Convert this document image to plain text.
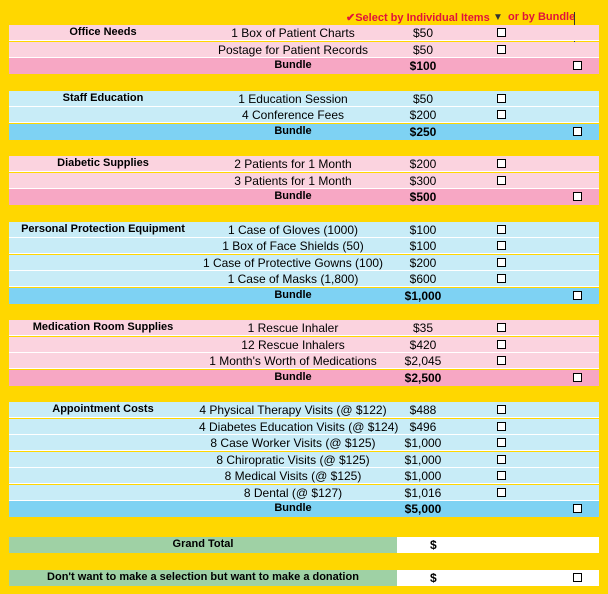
✔Select by Individual Items ▼ or by Bundle
Office Needs	1 Box of Patient Charts	$50
Postage for Patient Records	$50
Bundle	$100
Staff Education	1 Education Session	$50
4 Conference Fees	$200
Bundle	$250
Diabetic Supplies	2 Patients for 1 Month	$200
3 Patients for 1 Month	$300
Bundle	$500
Personal Protection Equipment	1 Case of Gloves (1000)	$100
1 Box of Face Shields (50)	$100
1 Case of Protective Gowns (100)	$200
1 Case of Masks (1,800)	$600
Bundle	$1,000
Medication Room Supplies	1 Rescue Inhaler	$35
12 Rescue Inhalers	$420
1 Month's Worth of Medications	$2,045
Bundle	$2,500
Appointment Costs	4 Physical Therapy Visits (@ $122)	$488
4 Diabetes Education Visits (@ $124) $496
8 Case Worker Visits (@ $125)	$1,000
8 Chiropratic Visits (@ $125)	$1,000
8 Medical Visits (@ $125)	$1,000
8 Dental (@ $127)	$1,016
Bundle	$5,000
Grand Total	$
Don't want to make a selection but want to make a donation	$
